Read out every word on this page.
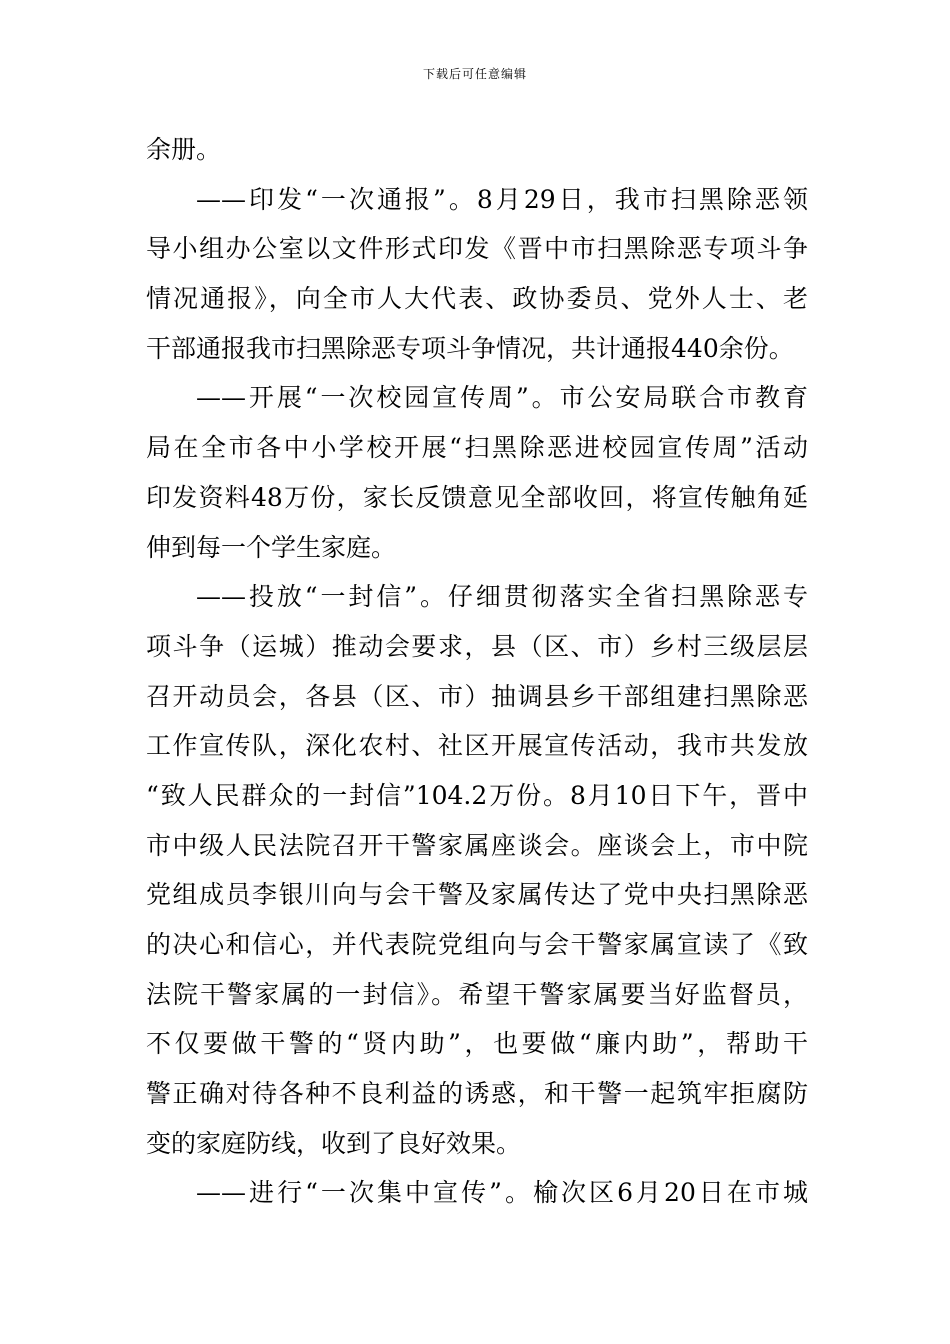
下载后可任意编辑
余册。
——印发“一次通报”。8月29日，我市扫黑除恶领
导小组办公室以文件形式印发《晋中市扫黑除恶专项斗争
情况通报》，向全市人大代表、政协委员、党外人士、老
干部通报我市扫黑除恶专项斗争情况，共计通报440余份。
——开展“一次校园宣传周”。市公安局联合市教育
局在全市各中小学校开展“扫黑除恶进校园宣传周”活动
印发资料48万份，家长反馈意见全部收回，将宣传触角延
伸到每一个学生家庭。
——投放“一封信”。仔细贯彻落实全省扫黑除恶专
项斗争（运城）推动会要求，县（区、市）乡村三级层层
召开动员会，各县（区、市）抽调县乡干部组建扫黑除恶
工作宣传队，深化农村、社区开展宣传活动，我市共发放
“致人民群众的一封信”104.2万份。8月10日下午，晋中
市中级人民法院召开干警家属座谈会。座谈会上，市中院
党组成员李银川向与会干警及家属传达了党中央扫黑除恶
的决心和信心，并代表院党组向与会干警家属宣读了《致
法院干警家属的一封信》。希望干警家属要当好监督员，
不仅要做干警的“贤内助”，也要做“廉内助”，帮助干
警正确对待各种不良利益的诱惑，和干警一起筑牢拒腐防
变的家庭防线，收到了良好效果。
——进行“一次集中宣传”。榆次区6月20日在市城
